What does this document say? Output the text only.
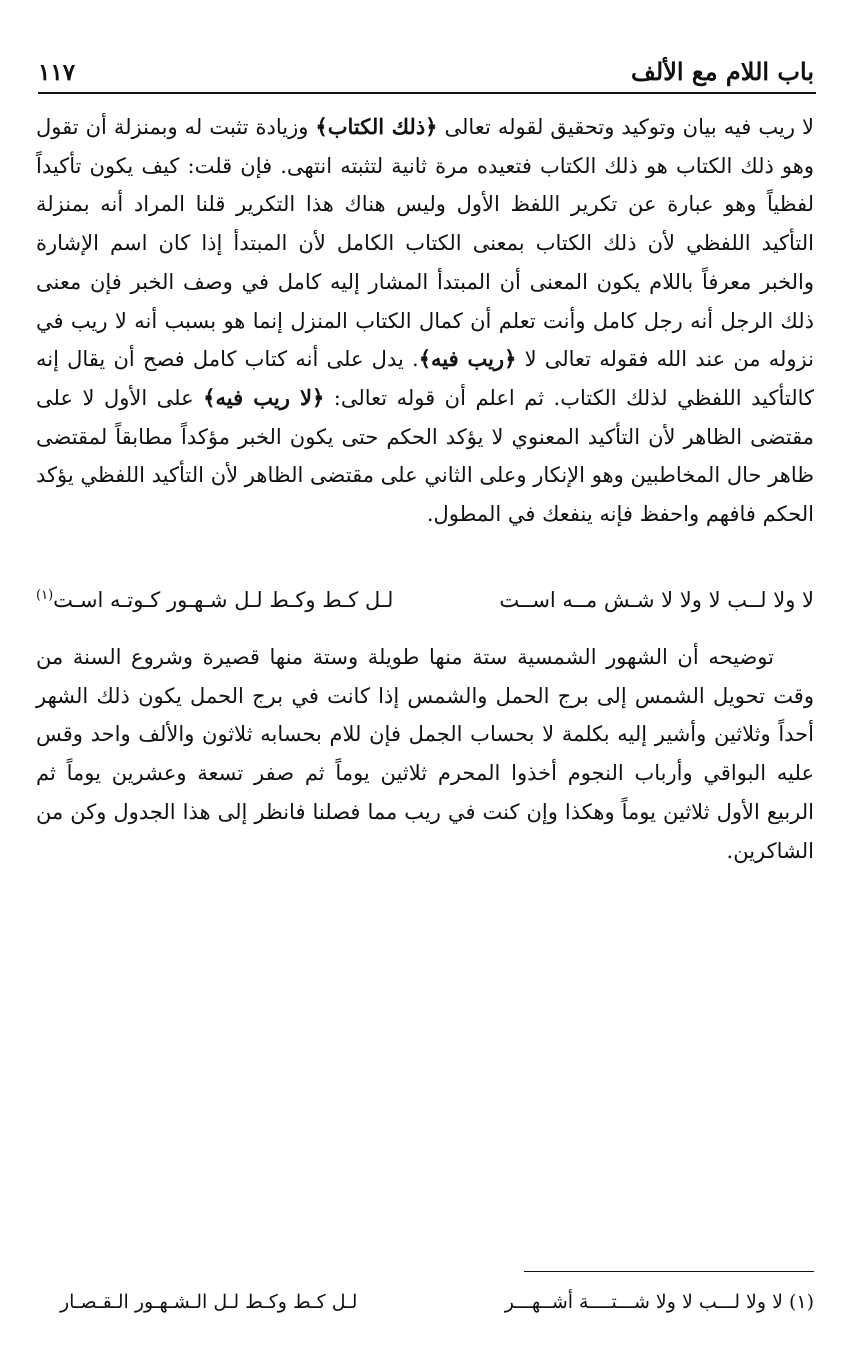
باب اللام مع الألف
١١٧

لا ريب فيه بيان وتوكيد وتحقيق لقوله تعالى ﴿ذلك الكتاب﴾ وزيادة تثبت له وبمنزلة أن تقول وهو ذلك الكتاب هو ذلك الكتاب فتعيده مرة ثانية لتثبته انتهى. فإن قلت: كيف يكون تأكيداً لفظياً وهو عبارة عن تكرير اللفظ الأول وليس هناك هذا التكرير قلنا المراد أنه بمنزلة التأكيد اللفظي لأن ذلك الكتاب بمعنى الكتاب الكامل لأن المبتدأ إذا كان اسم الإشارة والخبر معرفاً باللام يكون المعنى أن المبتدأ المشار إليه كامل في وصف الخبر فإن معنى ذلك الرجل أنه رجل كامل وأنت تعلم أن كمال الكتاب المنزل إنما هو بسبب أنه لا ريب في نزوله من عند الله فقوله تعالى لا ﴿ريب فيه﴾. يدل على أنه كتاب كامل فصح أن يقال إنه كالتأكيد اللفظي لذلك الكتاب. ثم اعلم أن قوله تعالى: ﴿لا ريب فيه﴾ على الأول لا على مقتضى الظاهر لأن التأكيد المعنوي لا يؤكد الحكم حتى يكون الخبر مؤكداً مطابقاً لمقتضى ظاهر حال المخاطبين وهو الإنكار وعلى الثاني على مقتضى الظاهر لأن التأكيد اللفظي يؤكد الحكم فافهم واحفظ فإنه ينفعك في المطول.

لا ولا لــب لا ولا لا شـش مــه اســت
لـل كـط وكـط لـل شـهـور كـوتـه اسـت$^{(١)}$

توضيحه أن الشهور الشمسية ستة منها طويلة وستة منها قصيرة وشروع السنة من وقت تحويل الشمس إلى برج الحمل والشمس إذا كانت في برج الحمل يكون ذلك الشهر أحداً وثلاثين وأشير إليه بكلمة لا بحساب الجمل فإن للام بحسابه ثلاثون والألف واحد وقس عليه البواقي وأرباب النجوم أخذوا المحرم ثلاثين يوماً ثم صفر تسعة وعشرين يوماً ثم الربيع الأول ثلاثين يوماً وهكذا وإن كنت في ريب مما فصلنا فانظر إلى هذا الجدول وكن من الشاكرين.

(١) لا ولا لـــب لا ولا شـــتــــة أشــهـــر
لـل كـط وكـط لـل الـشـهـور الـقـصـار
